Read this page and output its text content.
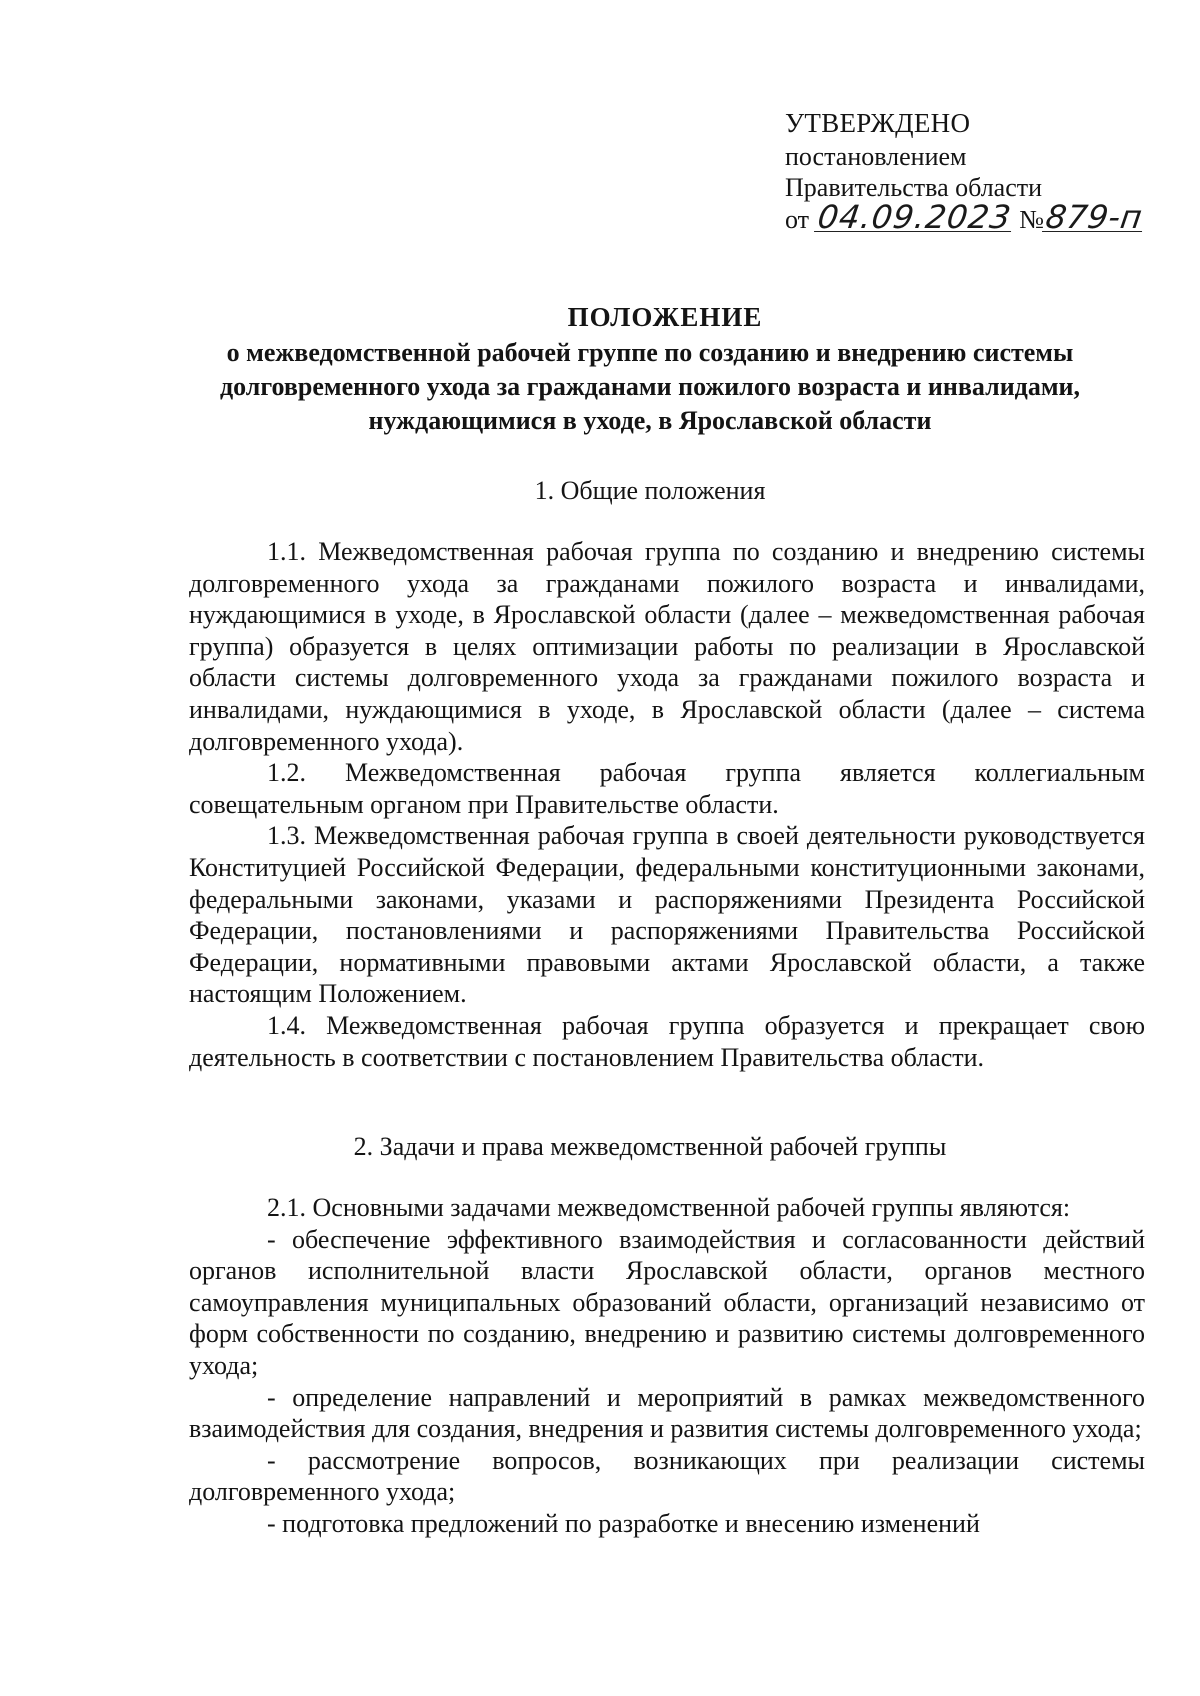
УТВЕРЖДЕНО
постановлением
Правительства области
от 04.09.2023 №879-п
ПОЛОЖЕНИЕ
о межведомственной рабочей группе по созданию и внедрению системы долговременного ухода за гражданами пожилого возраста и инвалидами, нуждающимися в уходе, в Ярославской области
1. Общие положения

1.1. Межведомственная рабочая группа по созданию и внедрению системы долговременного ухода за гражданами пожилого возраста и инвалидами, нуждающимися в уходе, в Ярославской области (далее – межведомственная рабочая группа) образуется в целях оптимизации работы по реализации в Ярославской области системы долговременного ухода за гражданами пожилого возраста и инвалидами, нуждающимися в уходе, в Ярославской области (далее – система долговременного ухода).

1.2. Межведомственная рабочая группа является коллегиальным совещательным органом при Правительстве области.

1.3. Межведомственная рабочая группа в своей деятельности руководствуется Конституцией Российской Федерации, федеральными конституционными законами, федеральными законами, указами и распоряжениями Президента Российской Федерации, постановлениями и распоряжениями Правительства Российской Федерации, нормативными правовыми актами Ярославской области, а также настоящим Положением.

1.4. Межведомственная рабочая группа образуется и прекращает свою деятельность в соответствии с постановлением Правительства области.

2. Задачи и права межведомственной рабочей группы

2.1. Основными задачами межведомственной рабочей группы являются:

- обеспечение эффективного взаимодействия и согласованности действий органов исполнительной власти Ярославской области, органов местного самоуправления муниципальных образований области, организаций независимо от форм собственности по созданию, внедрению и развитию системы долговременного ухода;

- определение направлений и мероприятий в рамках межведомственного взаимодействия для создания, внедрения и развития системы долговременного ухода;

- рассмотрение вопросов, возникающих при реализации системы долговременного ухода;

- подготовка предложений по разработке и внесению изменений
